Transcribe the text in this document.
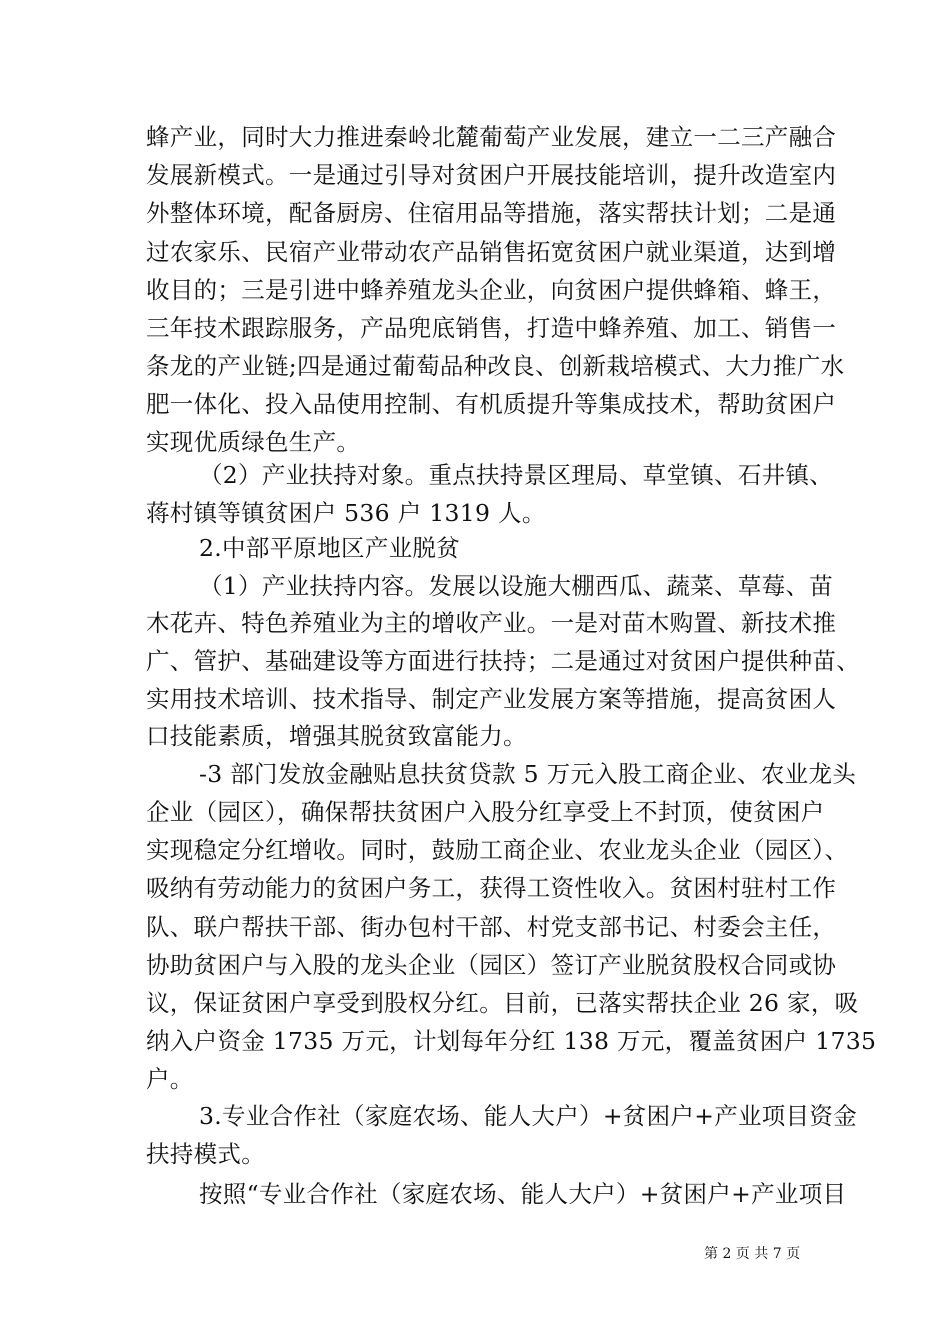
蜂产业，同时大力推进秦岭北麓葡萄产业发展，建立一二三产融合
发展新模式。一是通过引导对贫困户开展技能培训，提升改造室内
外整体环境，配备厨房、住宿用品等措施，落实帮扶计划；二是通
过农家乐、民宿产业带动农产品销售拓宽贫困户就业渠道，达到增
收目的；三是引进中蜂养殖龙头企业，向贫困户提供蜂箱、蜂王，
三年技术跟踪服务，产品兜底销售，打造中蜂养殖、加工、销售一
条龙的产业链;四是通过葡萄品种改良、创新栽培模式、大力推广水
肥一体化、投入品使用控制、有机质提升等集成技术，帮助贫困户
实现优质绿色生产。
（2）产业扶持对象。重点扶持景区理局、草堂镇、石井镇、
蒋村镇等镇贫困户 536 户 1319 人。
2.中部平原地区产业脱贫
（1）产业扶持内容。发展以设施大棚西瓜、蔬菜、草莓、苗
木花卉、特色养殖业为主的增收产业。一是对苗木购置、新技术推
广、管护、基础建设等方面进行扶持；二是通过对贫困户提供种苗、
实用技术培训、技术指导、制定产业发展方案等措施，提高贫困人
口技能素质，增强其脱贫致富能力。
-3 部门发放金融贴息扶贫贷款 5 万元入股工商企业、农业龙头
企业（园区），确保帮扶贫困户入股分红享受上不封顶，使贫困户
实现稳定分红增收。同时，鼓励工商企业、农业龙头企业（园区）、
吸纳有劳动能力的贫困户务工，获得工资性收入。贫困村驻村工作
队、联户帮扶干部、街办包村干部、村党支部书记、村委会主任，
协助贫困户与入股的龙头企业（园区）签订产业脱贫股权合同或协
议，保证贫困户享受到股权分红。目前，已落实帮扶企业 26 家，吸
纳入户资金 1735 万元，计划每年分红 138 万元，覆盖贫困户 1735
户。
3.专业合作社（家庭农场、能人大户）+贫困户+产业项目资金
扶持模式。
按照“专业合作社（家庭农场、能人大户）+贫困户+产业项目
第 2 页 共 7 页
